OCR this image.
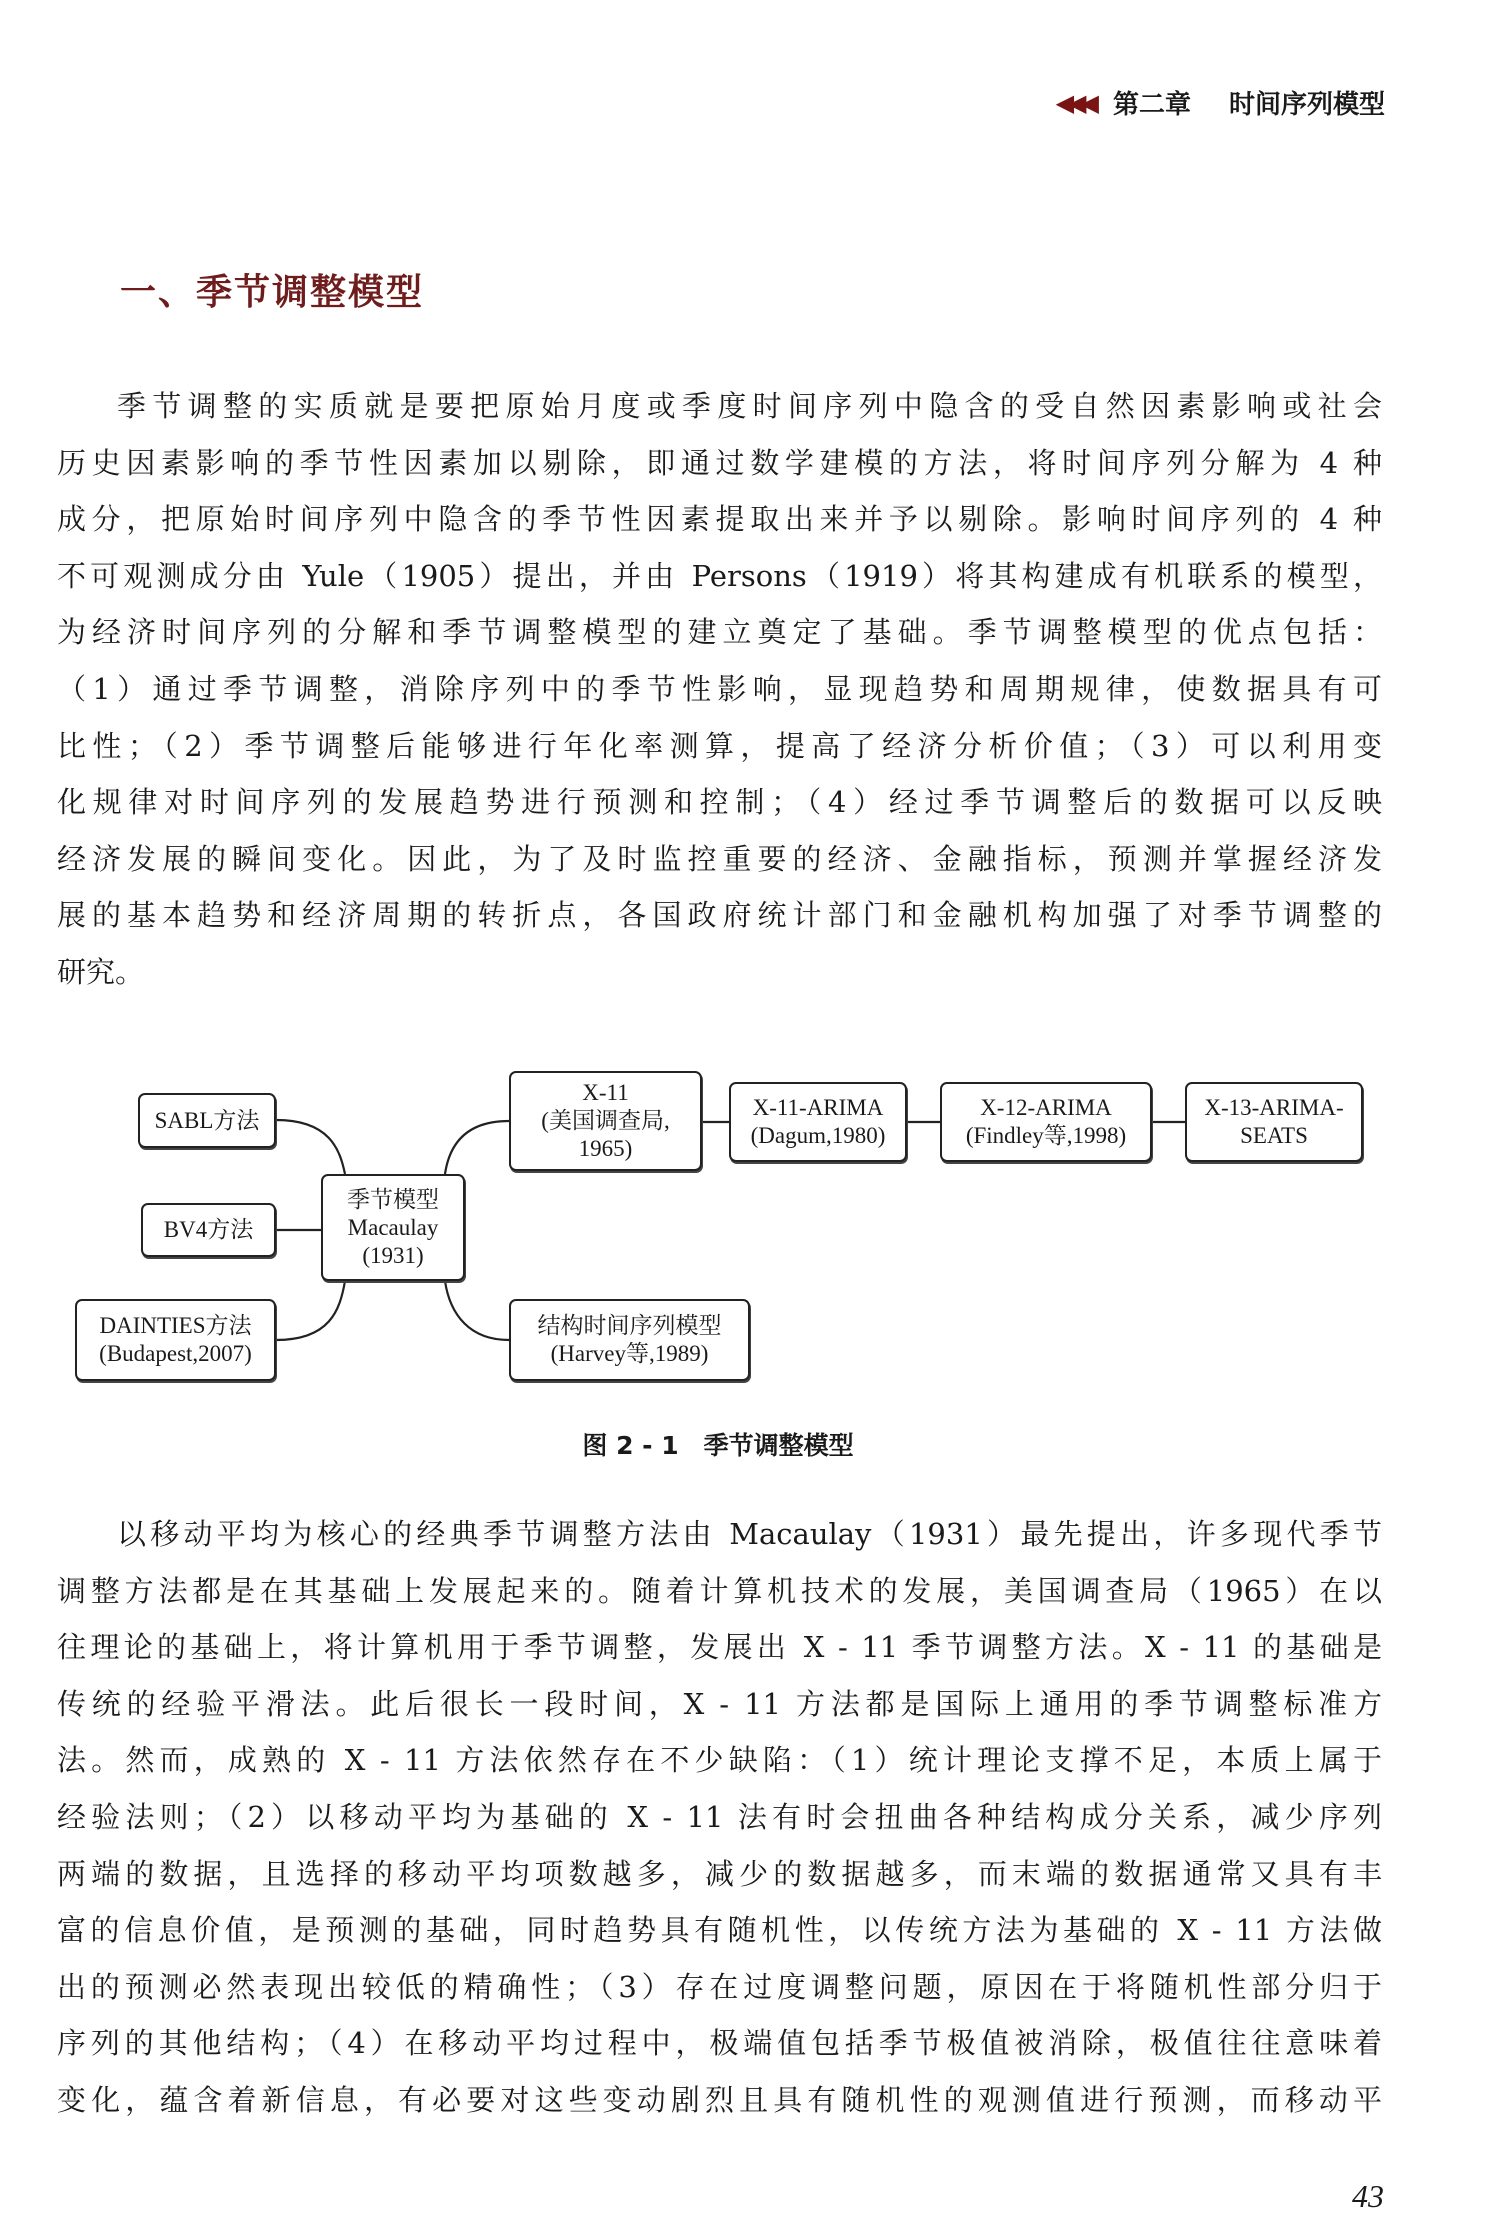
◀◀◀ 第二章 时间序列模型
一、季节调整模型
季节调整的实质就是要把原始月度或季度时间序列中隐含的受自然因素影响或社会
历史因素影响的季节性因素加以剔除，即通过数学建模的方法，将时间序列分解为 4 种
成分，把原始时间序列中隐含的季节性因素提取出来并予以剔除。影响时间序列的 4 种
不可观测成分由 Yule（1905）提出，并由 Persons（1919）将其构建成有机联系的模型，
为经济时间序列的分解和季节调整模型的建立奠定了基础。季节调整模型的优点包括：
（1）通过季节调整，消除序列中的季节性影响，显现趋势和周期规律，使数据具有可
比性；（2）季节调整后能够进行年化率测算，提高了经济分析价值；（3）可以利用变
化规律对时间序列的发展趋势进行预测和控制；（4）经过季节调整后的数据可以反映
经济发展的瞬间变化。因此，为了及时监控重要的经济、金融指标，预测并掌握经济发
展的基本趋势和经济周期的转折点，各国政府统计部门和金融机构加强了对季节调整的
研究。
SABL方法
BV4方法
DAINTIES方法
(Budapest,2007)
季节模型
Macaulay
(1931)
X-11
(美国调查局,
1965)
X-11-ARIMA
(Dagum,1980)
X-12-ARIMA
(Findley等,1998)
X-13-ARIMA-
SEATS
结构时间序列模型
(Harvey等,1989)
图 2 - 1　季节调整模型
以移动平均为核心的经典季节调整方法由 Macaulay（1931）最先提出，许多现代季节
调整方法都是在其基础上发展起来的。随着计算机技术的发展，美国调查局（1965）在以
往理论的基础上，将计算机用于季节调整，发展出 X - 11 季节调整方法。X - 11 的基础是
传统的经验平滑法。此后很长一段时间，X - 11 方法都是国际上通用的季节调整标准方
法。然而，成熟的 X - 11 方法依然存在不少缺陷：（1）统计理论支撑不足，本质上属于
经验法则；（2）以移动平均为基础的 X - 11 法有时会扭曲各种结构成分关系，减少序列
两端的数据，且选择的移动平均项数越多，减少的数据越多，而末端的数据通常又具有丰
富的信息价值，是预测的基础，同时趋势具有随机性，以传统方法为基础的 X - 11 方法做
出的预测必然表现出较低的精确性；（3）存在过度调整问题，原因在于将随机性部分归于
序列的其他结构；（4）在移动平均过程中，极端值包括季节极值被消除，极值往往意味着
变化，蕴含着新信息，有必要对这些变动剧烈且具有随机性的观测值进行预测，而移动平
43
